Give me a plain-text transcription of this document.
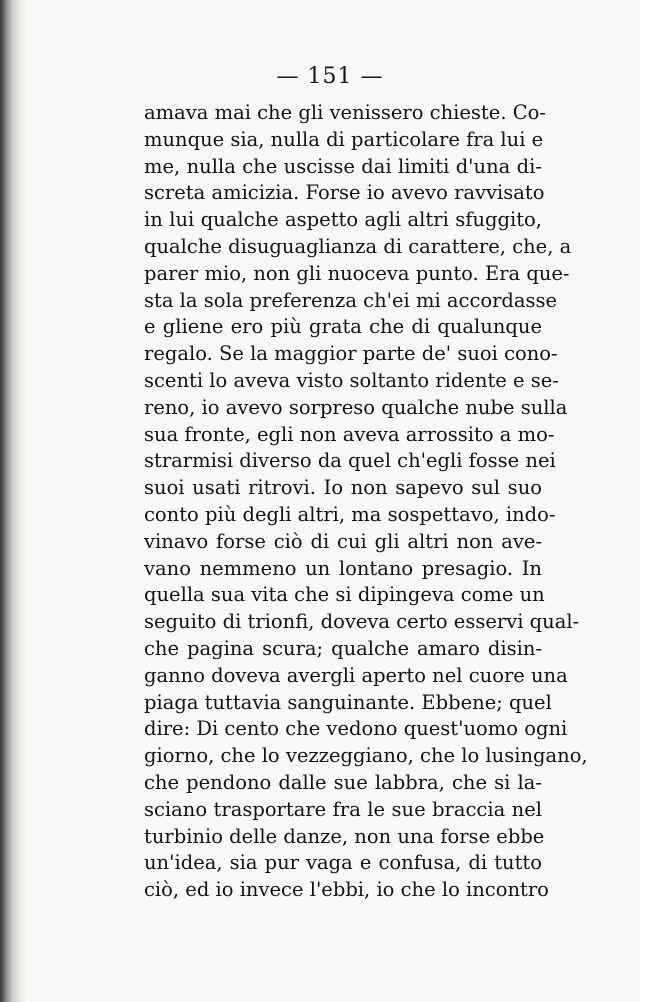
— 151 —
amava mai che gli venissero chieste. Co-
munque sia, nulla di particolare fra lui e
me, nulla che uscisse dai limiti d'una di-
screta amicizia. Forse io avevo ravvisato
in lui qualche aspetto agli altri sfuggito,
qualche disuguaglianza di carattere, che, a
parer mio, non gli nuoceva punto. Era que-
sta la sola preferenza ch'ei mi accordasse
e gliene ero più grata che di qualunque
regalo. Se la maggior parte de' suoi cono-
scenti lo aveva visto soltanto ridente e se-
reno, io avevo sorpreso qualche nube sulla
sua fronte, egli non aveva arrossito a mo-
strarmisi diverso da quel ch'egli fosse nei
suoi usati ritrovi. Io non sapevo sul suo
conto più degli altri, ma sospettavo, indo-
vinavo forse ciò di cui gli altri non ave-
vano nemmeno un lontano presagio. In
quella sua vita che si dipingeva come un
seguito di trionfi, doveva certo esservi qual-
che pagina scura; qualche amaro disin-
ganno doveva avergli aperto nel cuore una
piaga tuttavia sanguinante. Ebbene; quel
dire: Di cento che vedono quest'uomo ogni
giorno, che lo vezzeggiano, che lo lusingano,
che pendono dalle sue labbra, che si la-
sciano trasportare fra le sue braccia nel
turbinio delle danze, non una forse ebbe
un'idea, sia pur vaga e confusa, di tutto
ciò, ed io invece l'ebbi, io che lo incontro
